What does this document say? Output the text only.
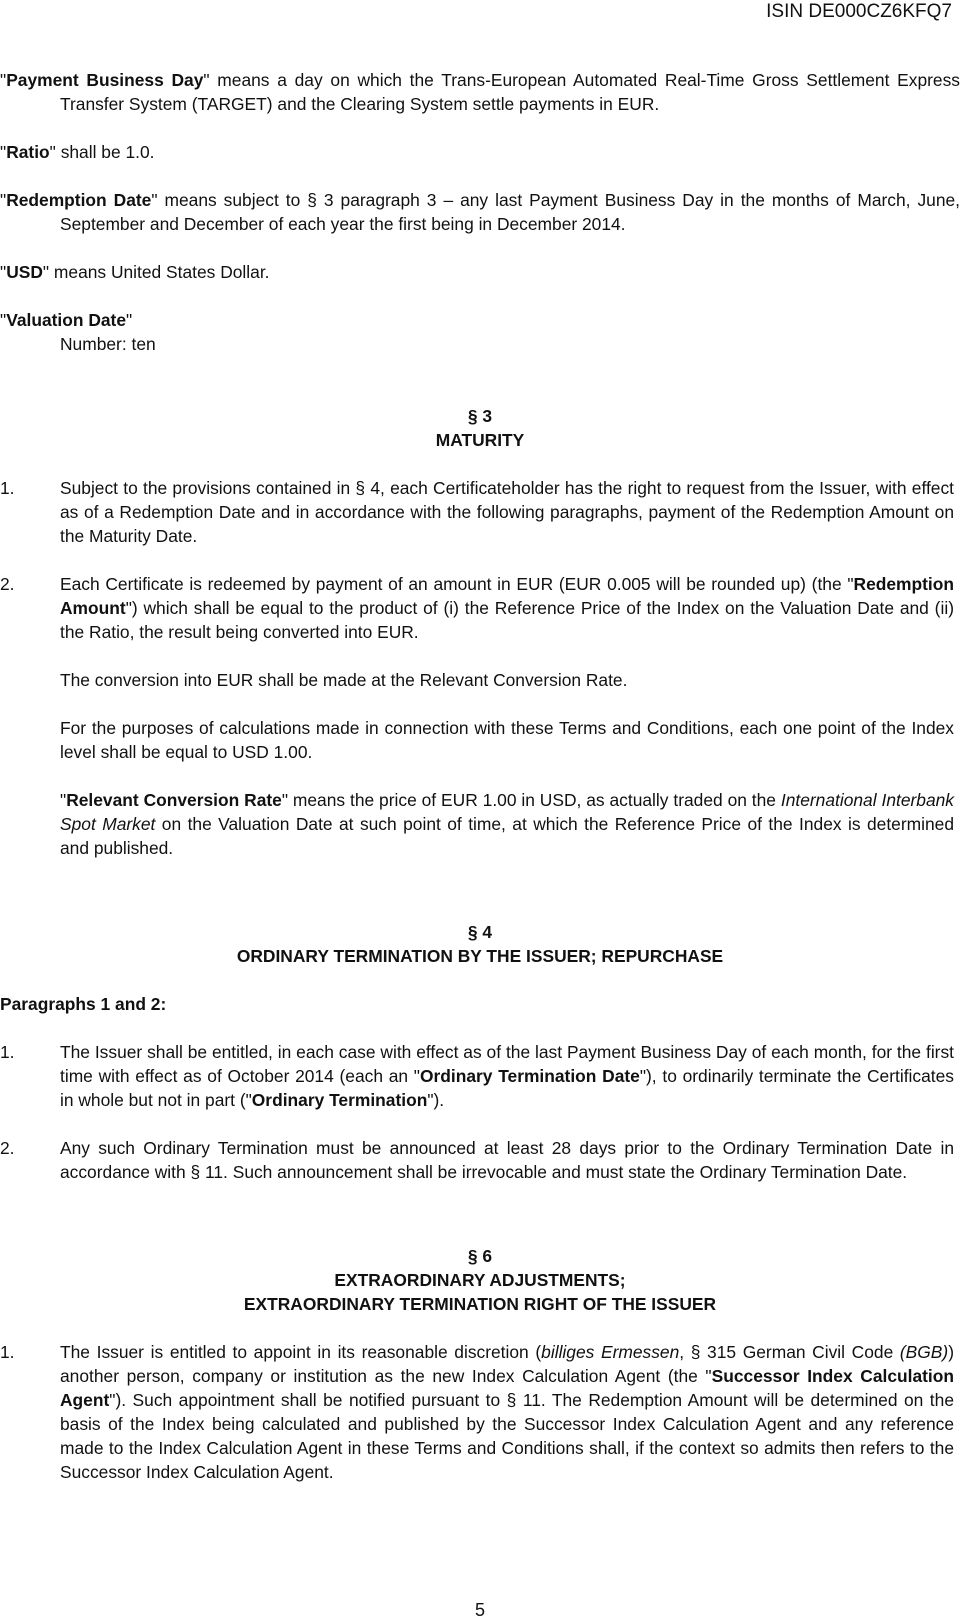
ISIN DE000CZ6KFQ7

"Payment Business Day" means a day on which the Trans-European Automated Real-Time Gross Settlement Express Transfer System (TARGET) and the Clearing System settle payments in EUR.

"Ratio" shall be 1.0.

"Redemption Date" means subject to § 3 paragraph 3 – any last Payment Business Day in the months of March, June, September and December of each year the first being in December 2014.

"USD" means United States Dollar.

"Valuation Date"

Number: ten

§ 3
MATURITY
1.	Subject to the provisions contained in § 4, each Certificateholder has the right to request from the Issuer, with effect as of a Redemption Date and in accordance with the following paragraphs, payment of the Redemption Amount on the Maturity Date.
2.	Each Certificate is redeemed by payment of an amount in EUR (EUR 0.005 will be rounded up) (the "Redemption Amount") which shall be equal to the product of (i) the Reference Price of the Index on the Valuation Date and (ii) the Ratio, the result being converted into EUR.
The conversion into EUR shall be made at the Relevant Conversion Rate.
For the purposes of calculations made in connection with these Terms and Conditions, each one point of the Index level shall be equal to USD 1.00.
"Relevant Conversion Rate" means the price of EUR 1.00 in USD, as actually traded on the International Interbank Spot Market on the Valuation Date at such point of time, at which the Reference Price of the Index is determined and published.
§ 4
ORDINARY TERMINATION BY THE ISSUER; REPURCHASE
Paragraphs 1 and 2:
1.	The Issuer shall be entitled, in each case with effect as of the last Payment Business Day of each month, for the first time with effect as of October 2014 (each an "Ordinary Termination Date"), to ordinarily terminate the Certificates in whole but not in part ("Ordinary Termination").
2.	Any such Ordinary Termination must be announced at least 28 days prior to the Ordinary Termination Date in accordance with § 11. Such announcement shall be irrevocable and must state the Ordinary Termination Date.
§ 6
EXTRAORDINARY ADJUSTMENTS;
EXTRAORDINARY TERMINATION RIGHT OF THE ISSUER
1.	The Issuer is entitled to appoint in its reasonable discretion (billiges Ermessen, § 315 German Civil Code (BGB)) another person, company or institution as the new Index Calculation Agent (the "Successor Index Calculation Agent"). Such appointment shall be notified pursuant to § 11. The Redemption Amount will be determined on the basis of the Index being calculated and published by the Successor Index Calculation Agent and any reference made to the Index Calculation Agent in these Terms and Conditions shall, if the context so admits then refers to the Successor Index Calculation Agent.
5
